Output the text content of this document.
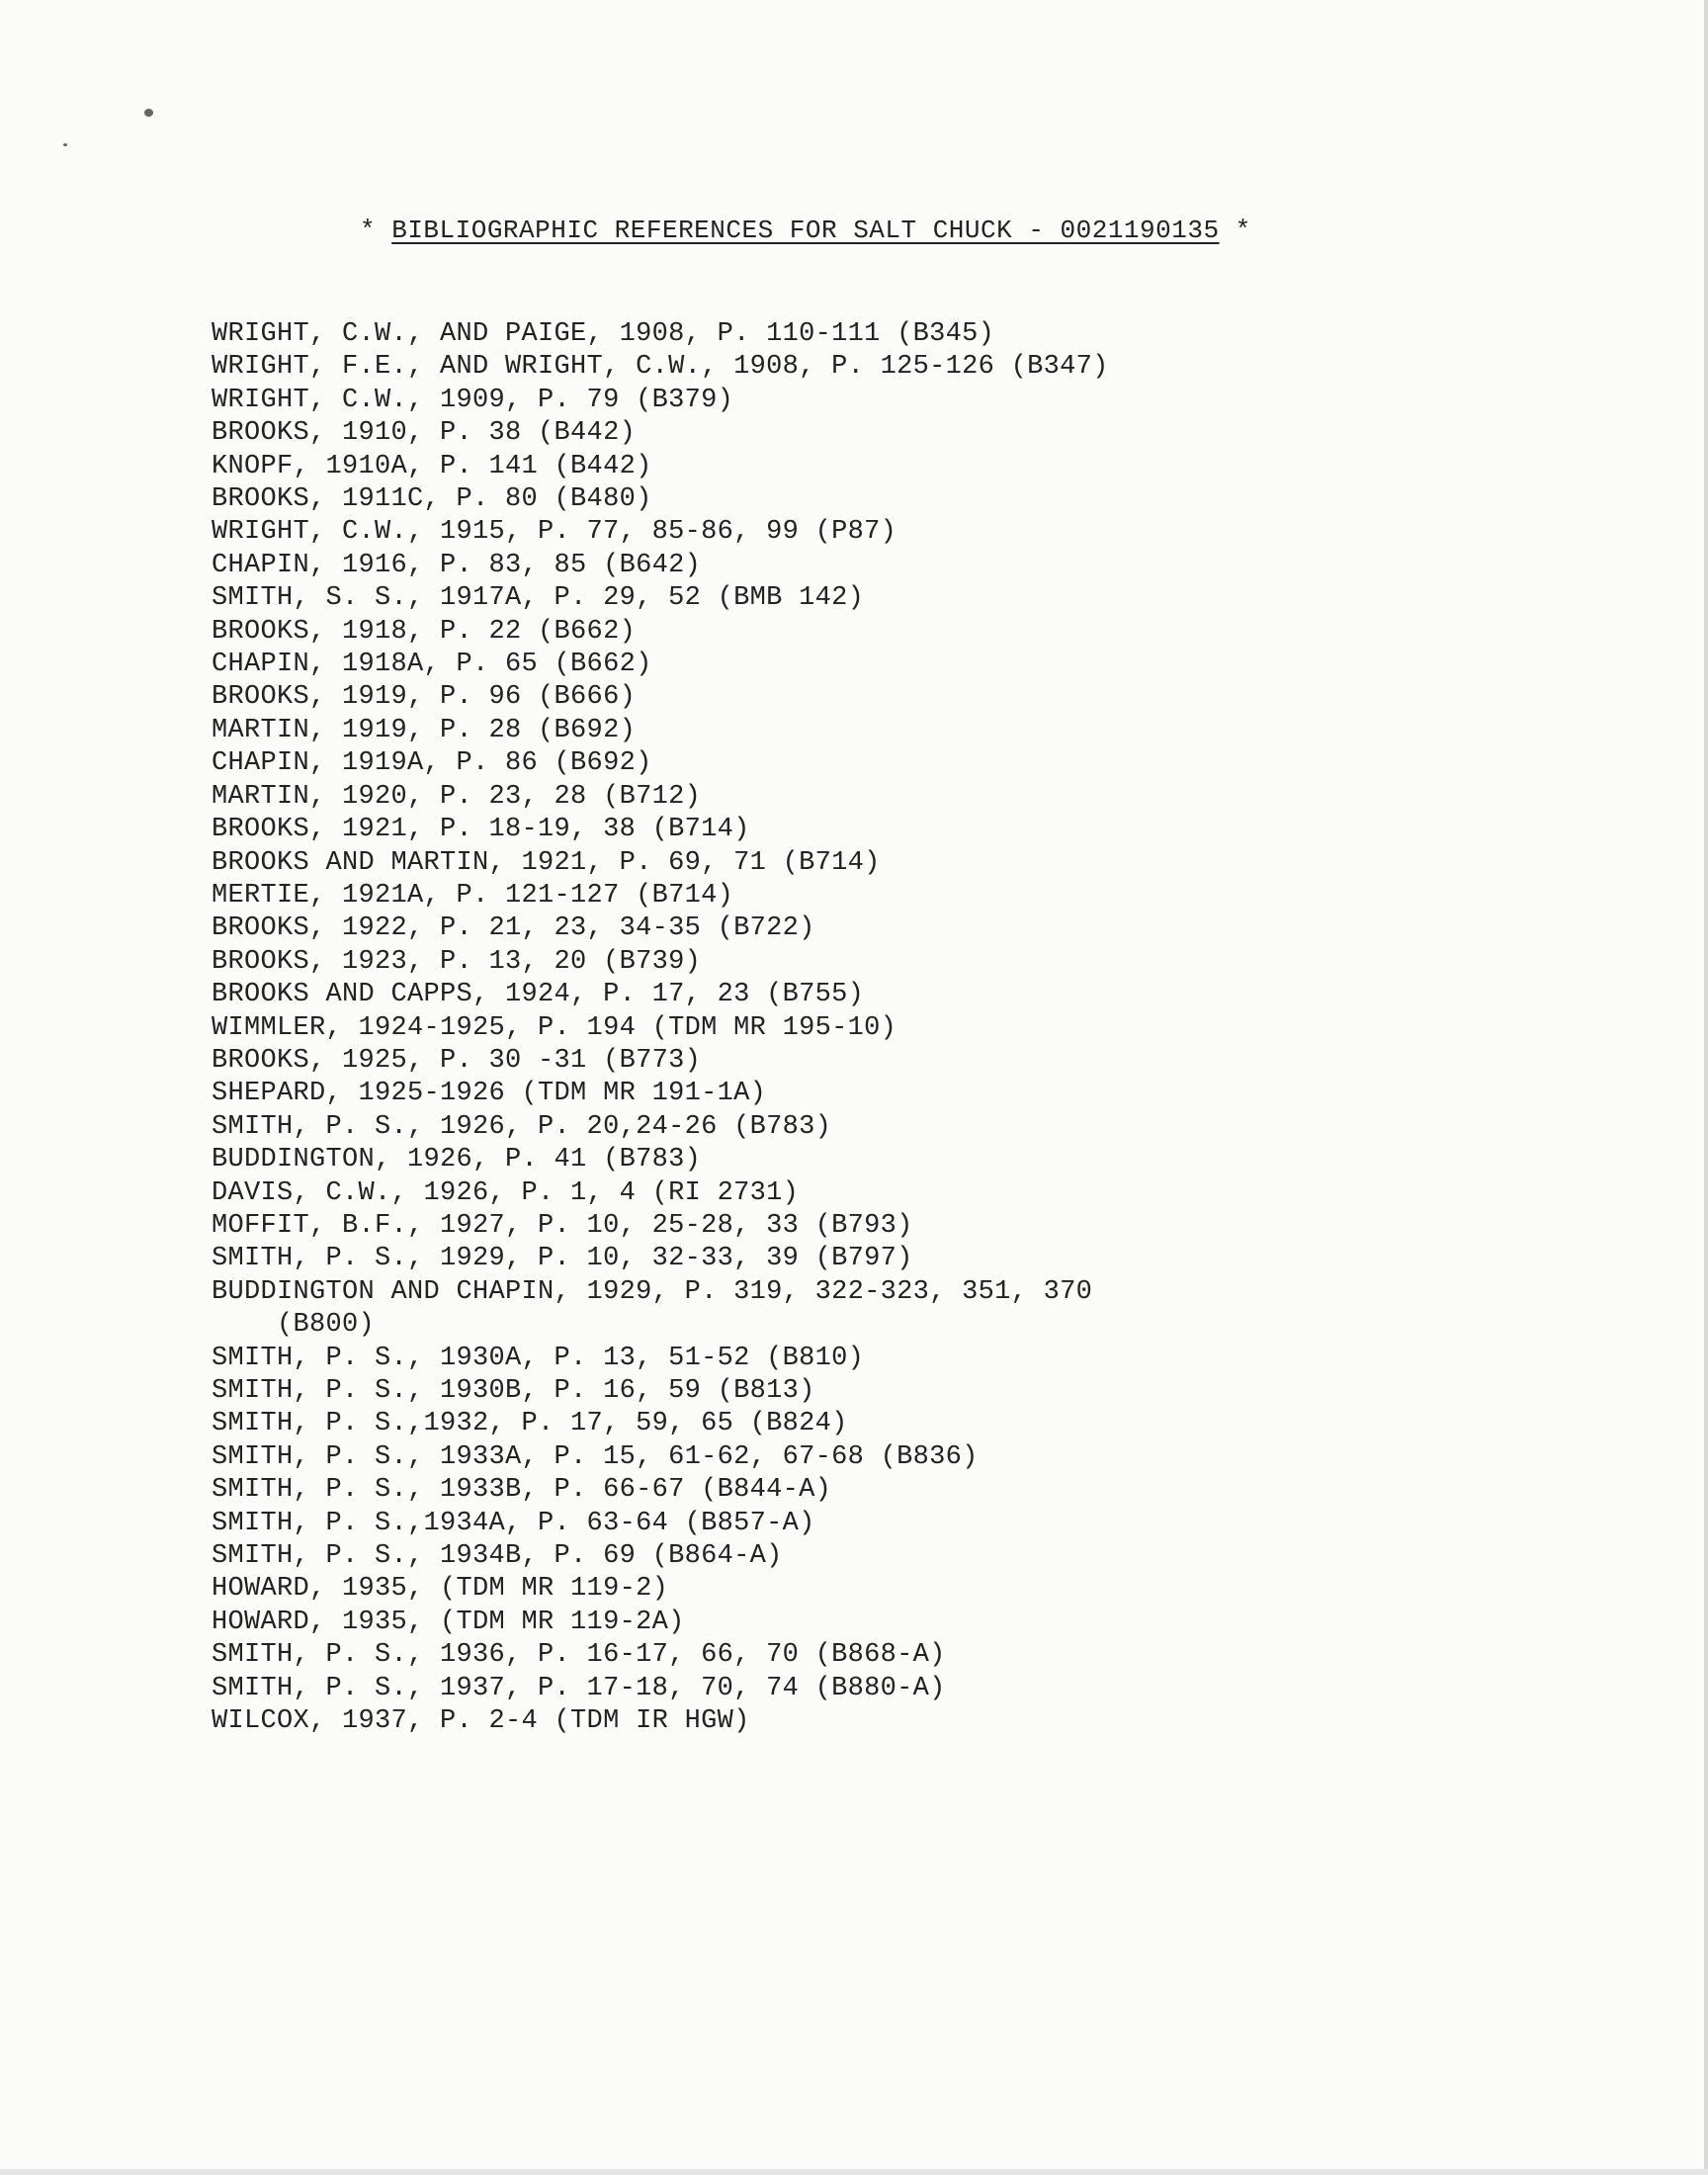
* BIBLIOGRAPHIC REFERENCES FOR SALT CHUCK - 0021190135 *
WRIGHT, C.W., AND PAIGE, 1908, P. 110-111 (B345)
WRIGHT, F.E., AND WRIGHT, C.W., 1908, P. 125-126 (B347)
WRIGHT, C.W., 1909, P. 79 (B379)
BROOKS, 1910, P. 38 (B442)
KNOPF, 1910A, P. 141 (B442)
BROOKS, 1911C, P. 80 (B480)
WRIGHT, C.W., 1915, P. 77, 85-86, 99 (P87)
CHAPIN, 1916, P. 83, 85 (B642)
SMITH, S. S., 1917A, P. 29, 52 (BMB 142)
BROOKS, 1918, P. 22 (B662)
CHAPIN, 1918A, P. 65 (B662)
BROOKS, 1919, P. 96 (B666)
MARTIN, 1919, P. 28 (B692)
CHAPIN, 1919A, P. 86 (B692)
MARTIN, 1920, P. 23, 28 (B712)
BROOKS, 1921, P. 18-19, 38 (B714)
BROOKS AND MARTIN, 1921, P. 69, 71 (B714)
MERTIE, 1921A, P. 121-127 (B714)
BROOKS, 1922, P. 21, 23, 34-35 (B722)
BROOKS, 1923, P. 13, 20 (B739)
BROOKS AND CAPPS, 1924, P. 17, 23 (B755)
WIMMLER, 1924-1925, P. 194 (TDM MR 195-10)
BROOKS, 1925, P. 30 -31 (B773)
SHEPARD, 1925-1926 (TDM MR 191-1A)
SMITH, P. S., 1926, P. 20,24-26 (B783)
BUDDINGTON, 1926, P. 41 (B783)
DAVIS, C.W., 1926, P. 1, 4 (RI 2731)
MOFFIT, B.F., 1927, P. 10, 25-28, 33 (B793)
SMITH, P. S., 1929, P. 10, 32-33, 39 (B797)
BUDDINGTON AND CHAPIN, 1929, P. 319, 322-323, 351, 370
(B800)
SMITH, P. S., 1930A, P. 13, 51-52 (B810)
SMITH, P. S., 1930B, P. 16, 59 (B813)
SMITH, P. S.,1932, P. 17, 59, 65 (B824)
SMITH, P. S., 1933A, P. 15, 61-62, 67-68 (B836)
SMITH, P. S., 1933B, P. 66-67 (B844-A)
SMITH, P. S.,1934A, P. 63-64 (B857-A)
SMITH, P. S., 1934B, P. 69 (B864-A)
HOWARD, 1935, (TDM MR 119-2)
HOWARD, 1935, (TDM MR 119-2A)
SMITH, P. S., 1936, P. 16-17, 66, 70 (B868-A)
SMITH, P. S., 1937, P. 17-18, 70, 74 (B880-A)
WILCOX, 1937, P. 2-4 (TDM IR HGW)
